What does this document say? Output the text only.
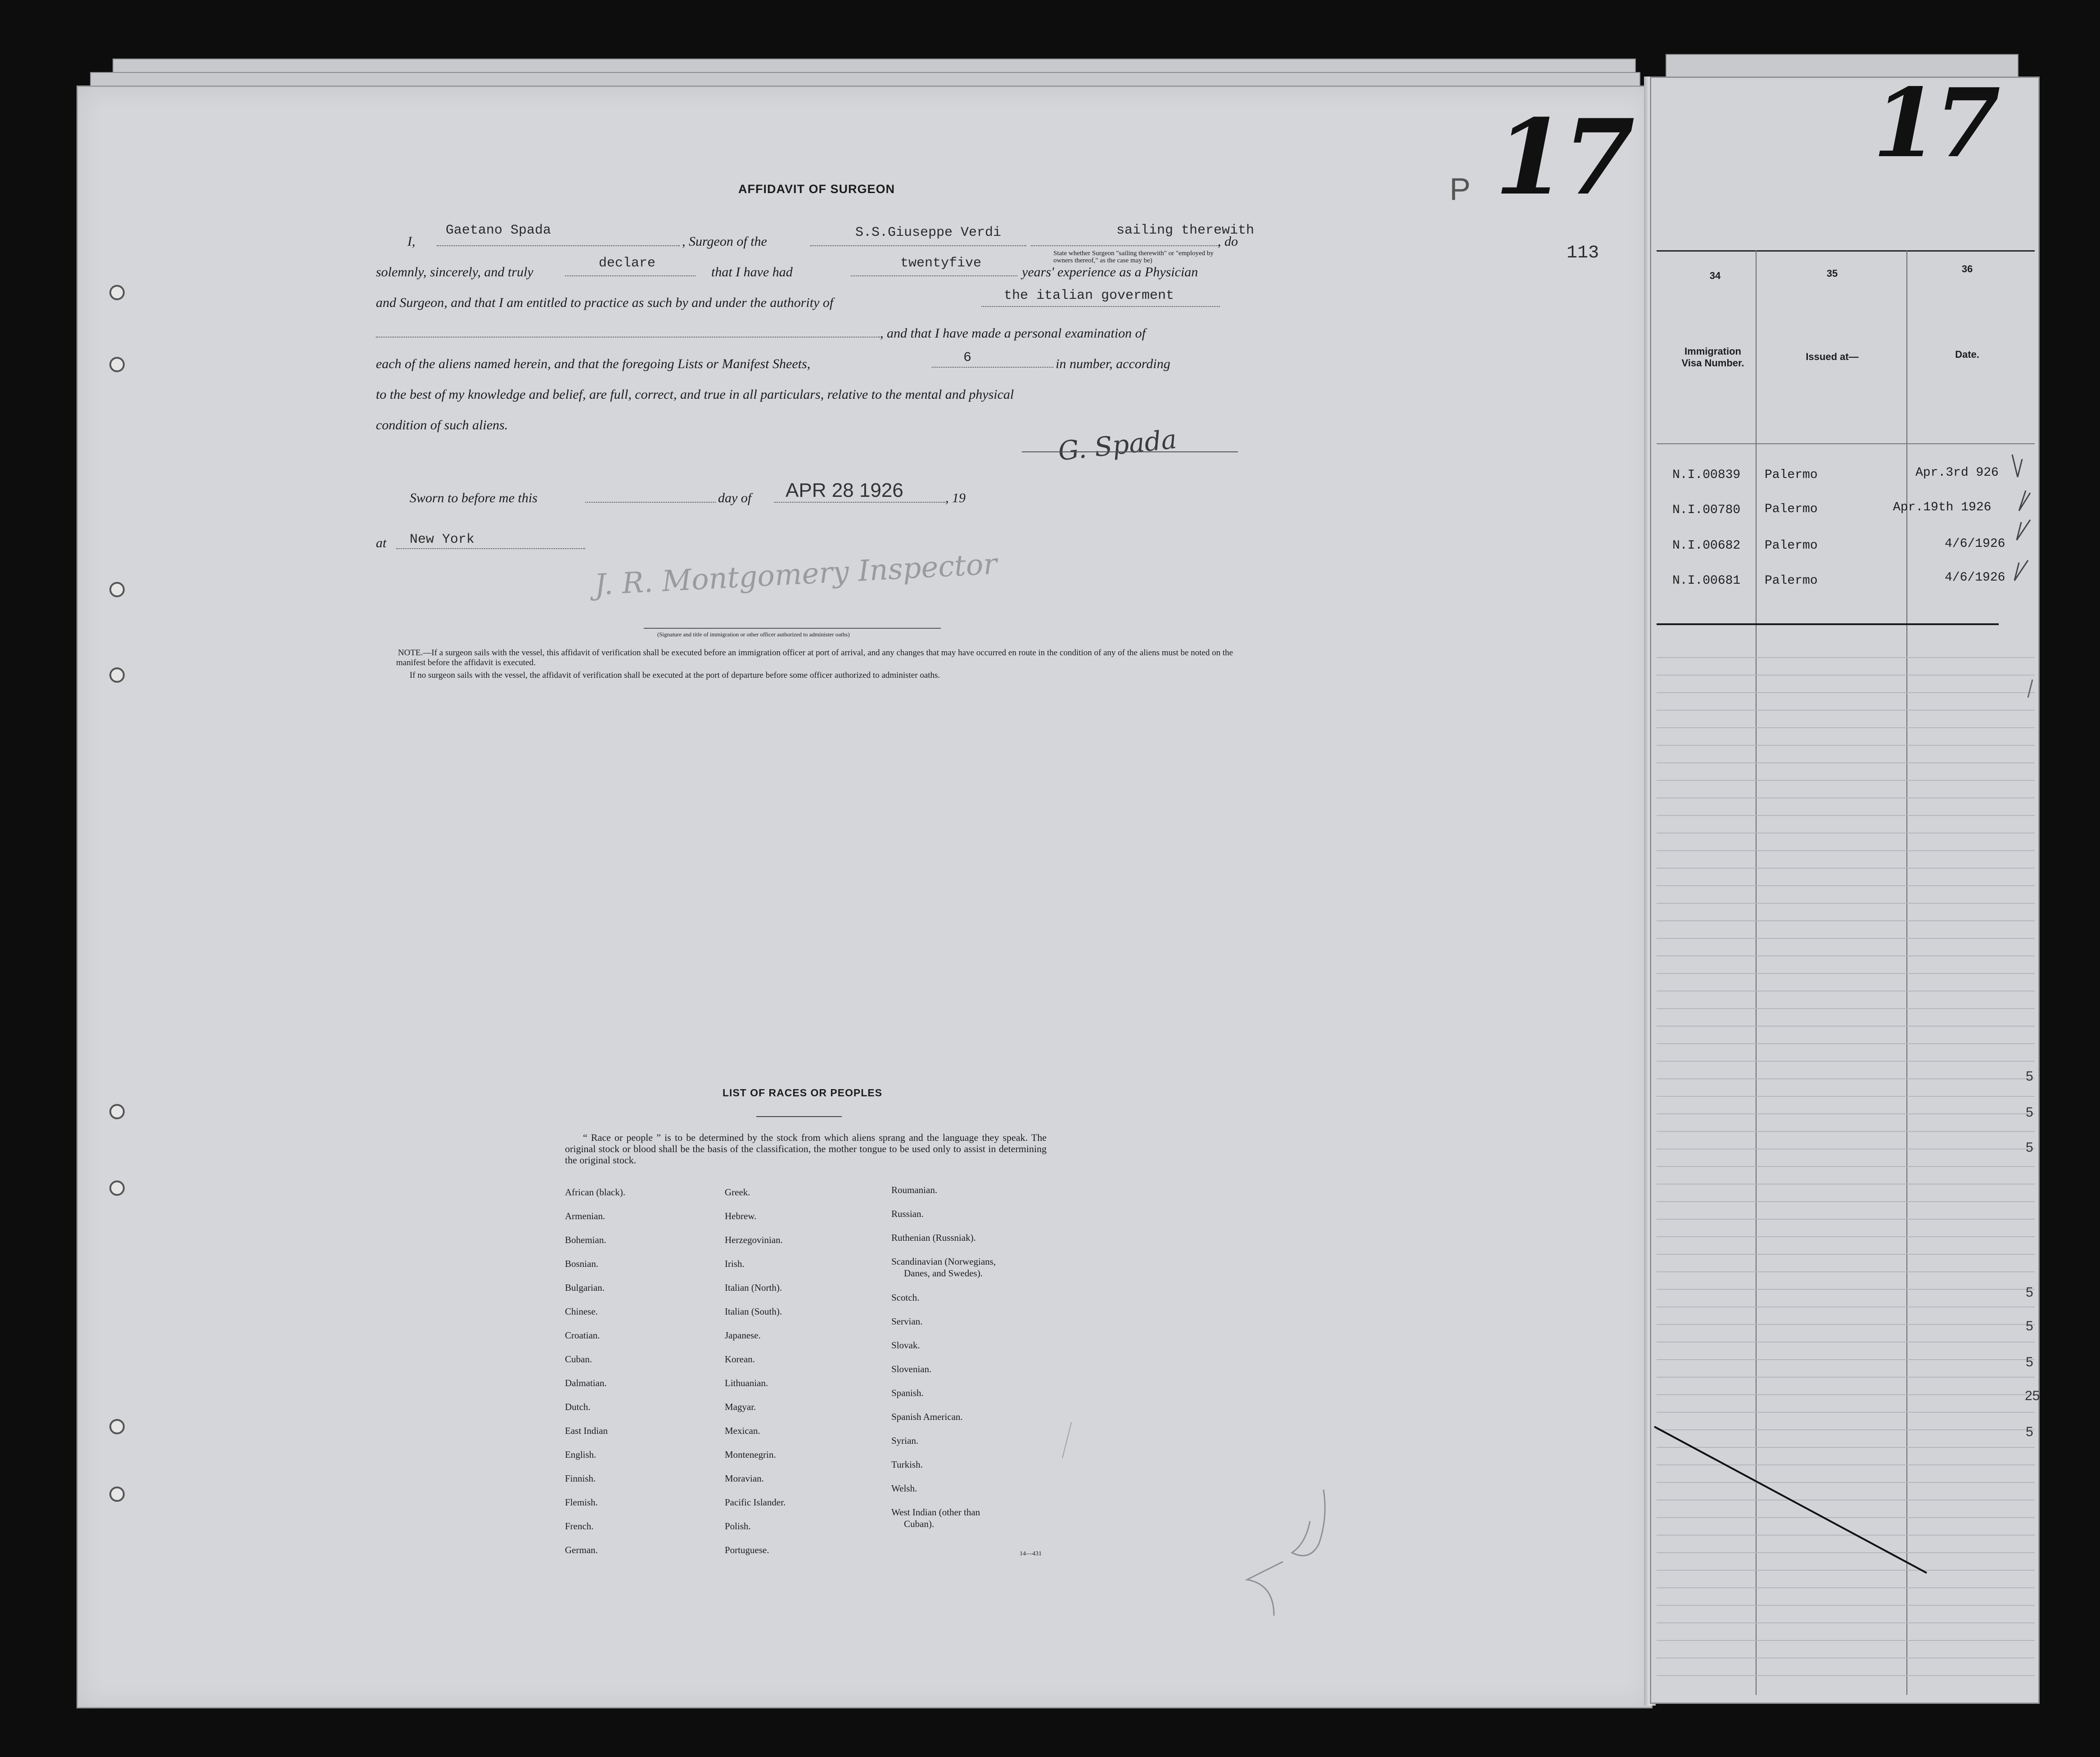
17
P
113
AFFIDAVIT OF SURGEON
I,
Gaetano Spada
, Surgeon of the
S.S.Giuseppe Verdi	sailing therewith
State whether Surgeon "sailing therewith" or "employed by owners thereof," as the case may be)
, do
solemnly, sincerely, and truly
declare
that I have had
twentyfive
years' experience as a Physician
and Surgeon, and that I am entitled to practice as such by and under the authority of	the italian goverment
, and that I have made a personal examination of
each of the aliens named herein, and that the foregoing Lists or Manifest Sheets,	6	in number, according
to the best of my knowledge and belief, are full, correct, and true in all particulars, relative to the mental and physical
condition of such aliens.	G. Spada
Sworn to before me this	day of APR 28 1926	, 19
at New York
J. R. Montgomery Inspector
(Signature and title of immigration or other officer authorized to administer oaths)
NOTE.—If a surgeon sails with the vessel, this affidavit of verification shall be executed before an immigration officer at port of arrival, and any changes that may have occurred en route in the condition of any of the aliens must be noted on the manifest before the affidavit is executed.
If no surgeon sails with the vessel, the affidavit of verification shall be executed at the port of departure before some officer authorized to administer oaths.
LIST OF RACES OR PEOPLES
“ Race or people ” is to be determined by the stock from which aliens sprang and the language they speak. The original stock or blood shall be the basis of the classification, the mother tongue to be used only to assist in determining the original stock.
African (black).
Armenian.
Bohemian.
Bosnian.
Bulgarian.
Chinese.
Croatian.
Cuban.
Dalmatian.
Dutch.
East Indian
English.
Finnish.
Flemish.
French.
German.
Greek.
Hebrew.
Herzegovinian.
Irish.
Italian (North).
Italian (South).
Japanese.
Korean.
Lithuanian.
Magyar.
Mexican.
Montenegrin.
Moravian.
Pacific Islander.
Polish.
Portuguese.
Roumanian.
Russian.
Ruthenian (Russniak).
Scandinavian (Norwegians,
Danes, and Swedes).
Scotch.
Servian.
Slovak.
Slovenian.
Spanish.
Spanish American.
Syrian.
Turkish.
Welsh.
West Indian (other than
Cuban).
14—431
17
34	35	36
Immigration Visa Number.
Issued at—	Date.
N.I.00839 Palermo	Apr.3rd 926
N.I.00780 Palermo	Apr.19th 1926
N.I.00682 Palermo	4/6/1926
N.I.00681 Palermo	4/6/1926
5
5
5
5
5
5
25
5
